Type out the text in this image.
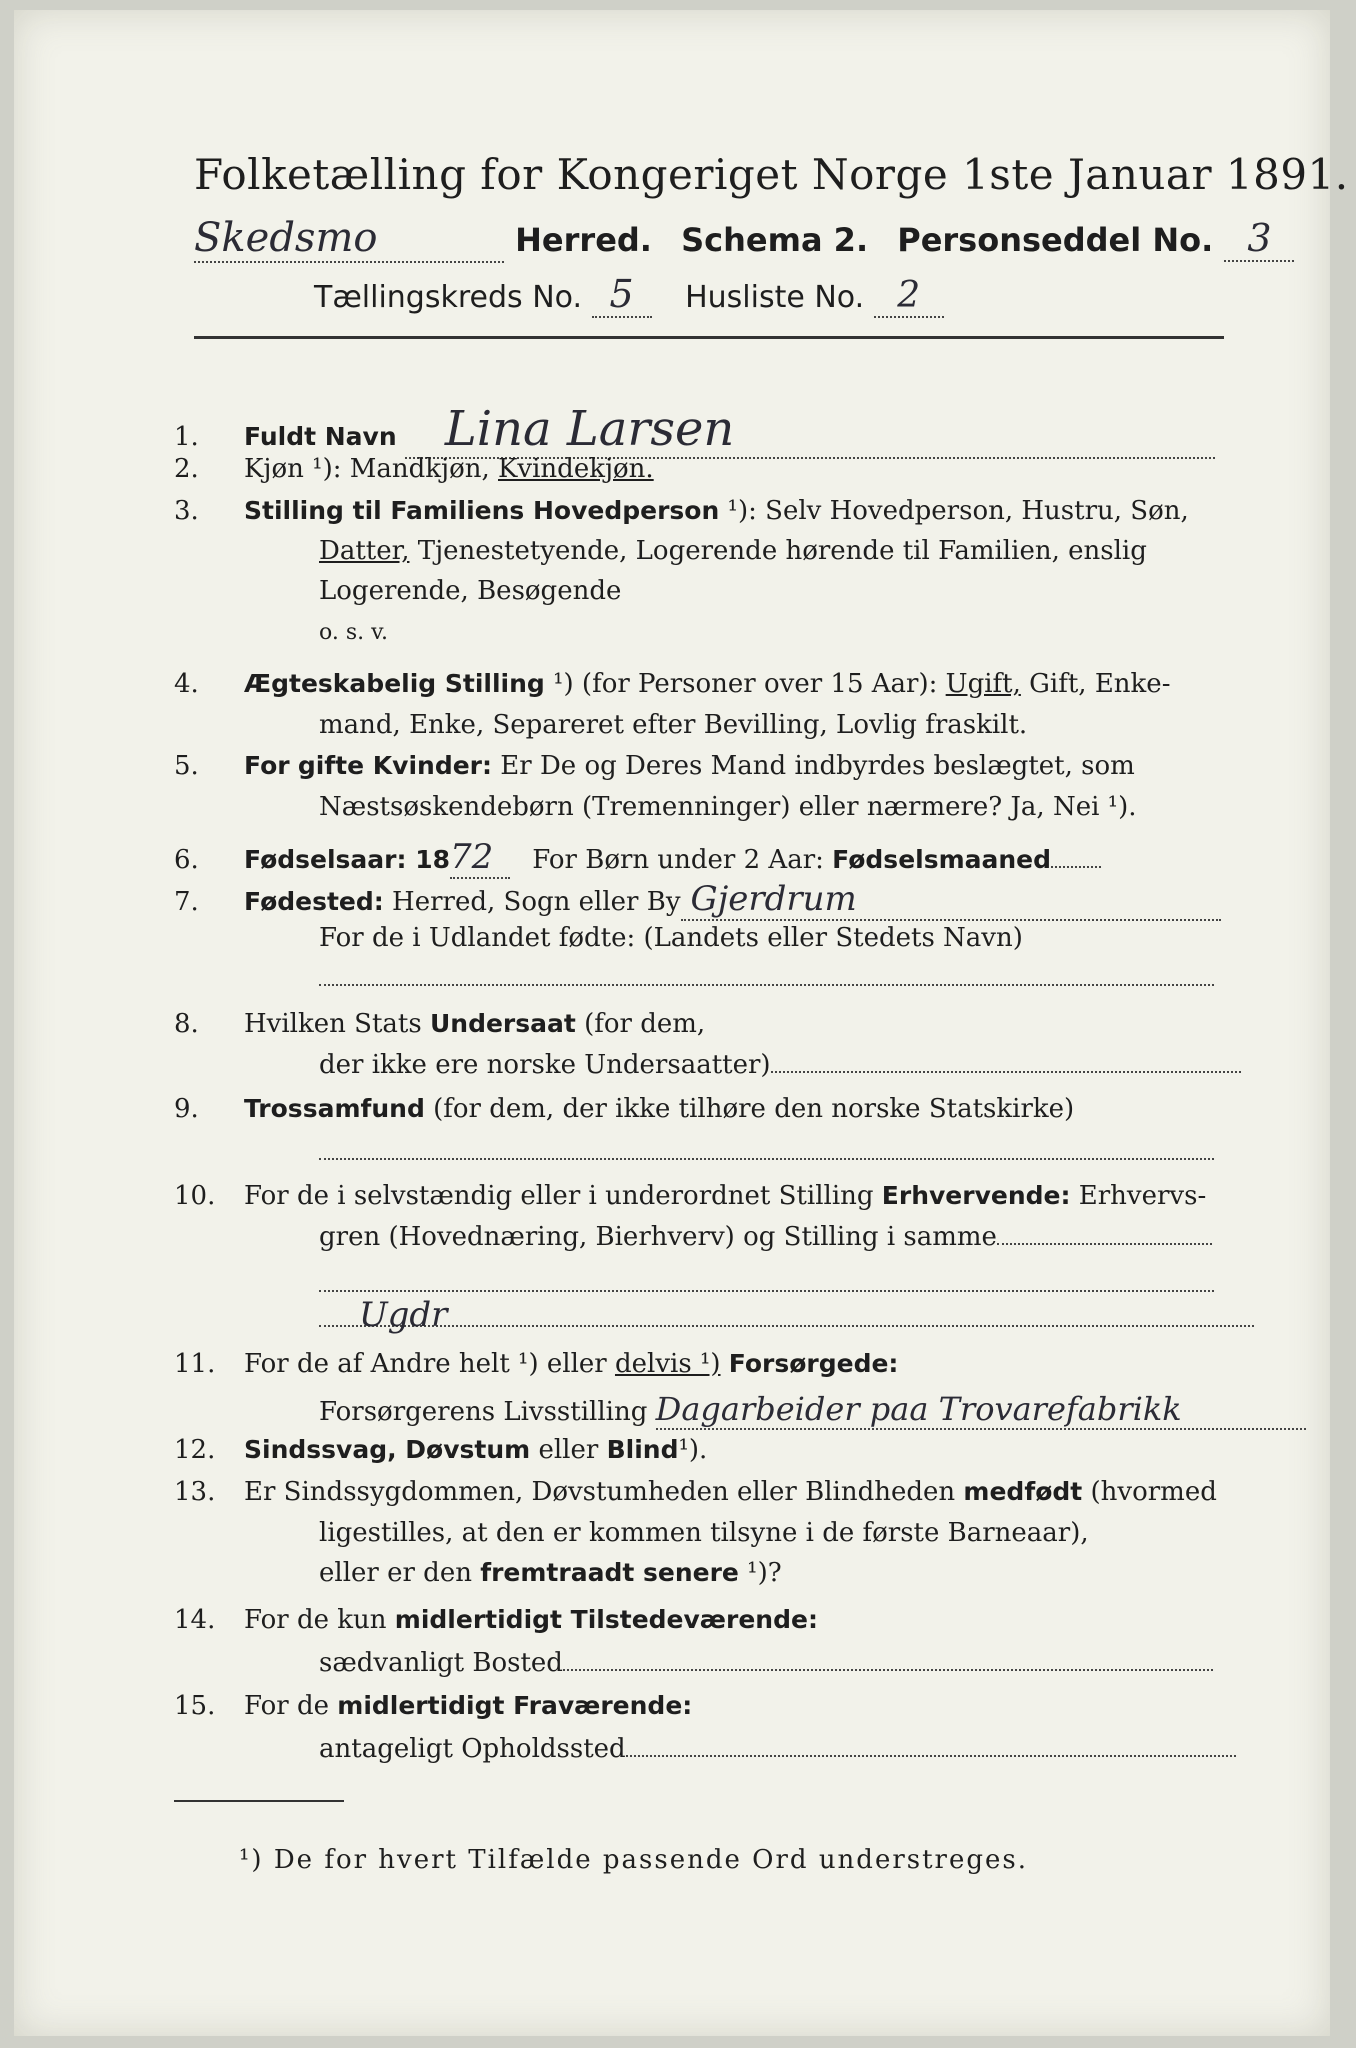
Folketælling for Kongeriget Norge 1ste Januar 1891.
Skedsmo	Herred. Schema 2. Personseddel No. 3
Tællingskreds No. 5 Husliste No. 2
1. Fuldt Navn Lina Larsen
2. Kjøn ¹): Mandkjøn, Kvindekjøn.
3. Stilling til Familiens Hovedperson ¹): Selv Hovedperson, Hustru, Søn,
Datter, Tjenestetyende, Logerende hørende til Familien, enslig
Logerende, Besøgende
o. s. v.
4. Ægteskabelig Stilling ¹) (for Personer over 15 Aar): Ugift, Gift, Enke-
mand, Enke, Separeret efter Bevilling, Lovlig fraskilt.
5. For gifte Kvinder: Er De og Deres Mand indbyrdes beslægtet, som
Næstsøskendebørn (Tremenninger) eller nærmere? Ja, Nei ¹).
6. Fødselsaar: 1872 For Børn under 2 Aar: Fødselsmaaned
7. Fødested: Herred, Sogn eller By Gjerdrum
For de i Udlandet fødte: (Landets eller Stedets Navn)
8. Hvilken Stats Undersaat (for dem,
der ikke ere norske Undersaatter)
9. Trossamfund (for dem, der ikke tilhøre den norske Statskirke)
10. For de i selvstændig eller i underordnet Stilling Erhvervende: Erhvervs-
gren (Hovednæring, Bierhverv) og Stilling i samme
Ugdr
11. For de af Andre helt ¹) eller delvis ¹) Forsørgede:
Forsørgerens Livsstilling Dagarbeider paa Trovarefabrikk
12. Sindssvag, Døvstum eller Blind¹).
13. Er Sindssygdommen, Døvstumheden eller Blindheden medfødt (hvormed
ligestilles, at den er kommen tilsyne i de første Barneaar),
eller er den fremtraadt senere ¹)?
14. For de kun midlertidigt Tilstedeværende:
sædvanligt Bosted
15. For de midlertidigt Fraværende:
antageligt Opholdssted
¹) De for hvert Tilfælde passende Ord understreges.
